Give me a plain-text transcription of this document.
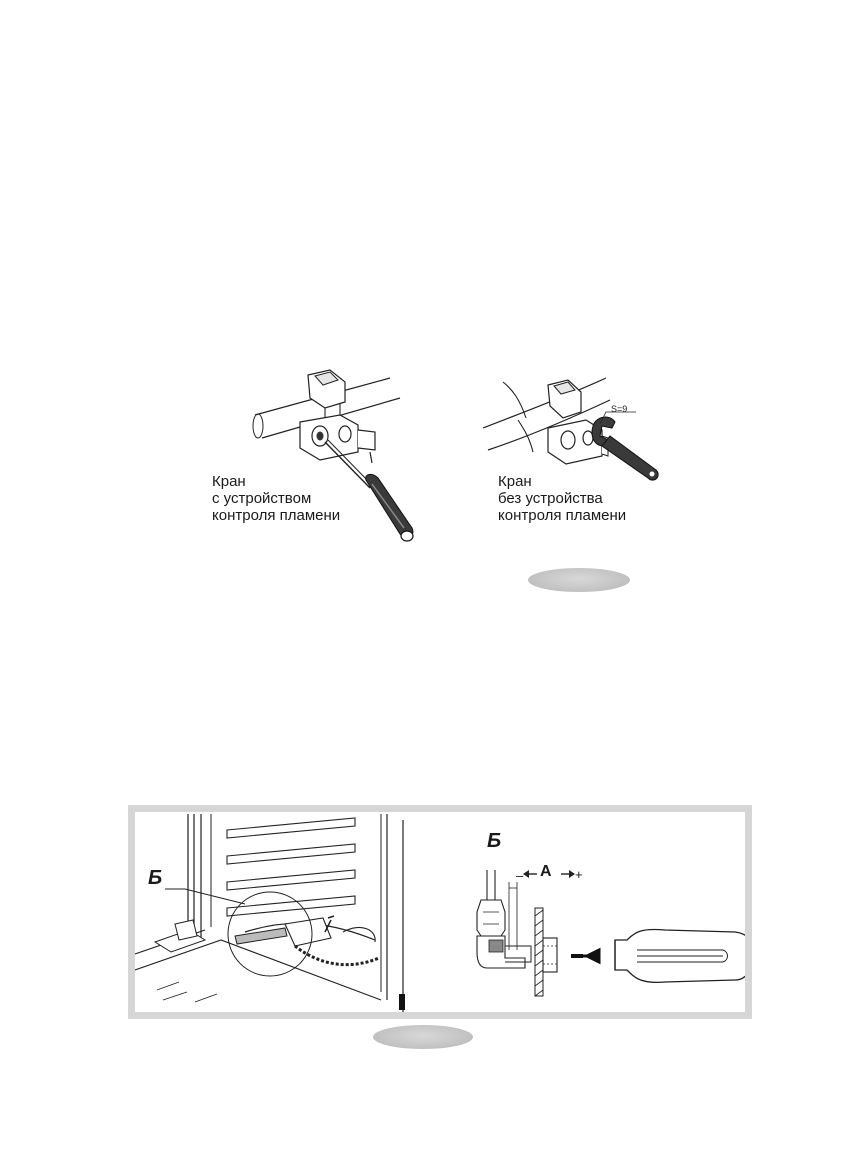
Кран
с устройством
контроля пламени
S=9
Кран
без устройства
контроля пламени
Б
Б
– A +
